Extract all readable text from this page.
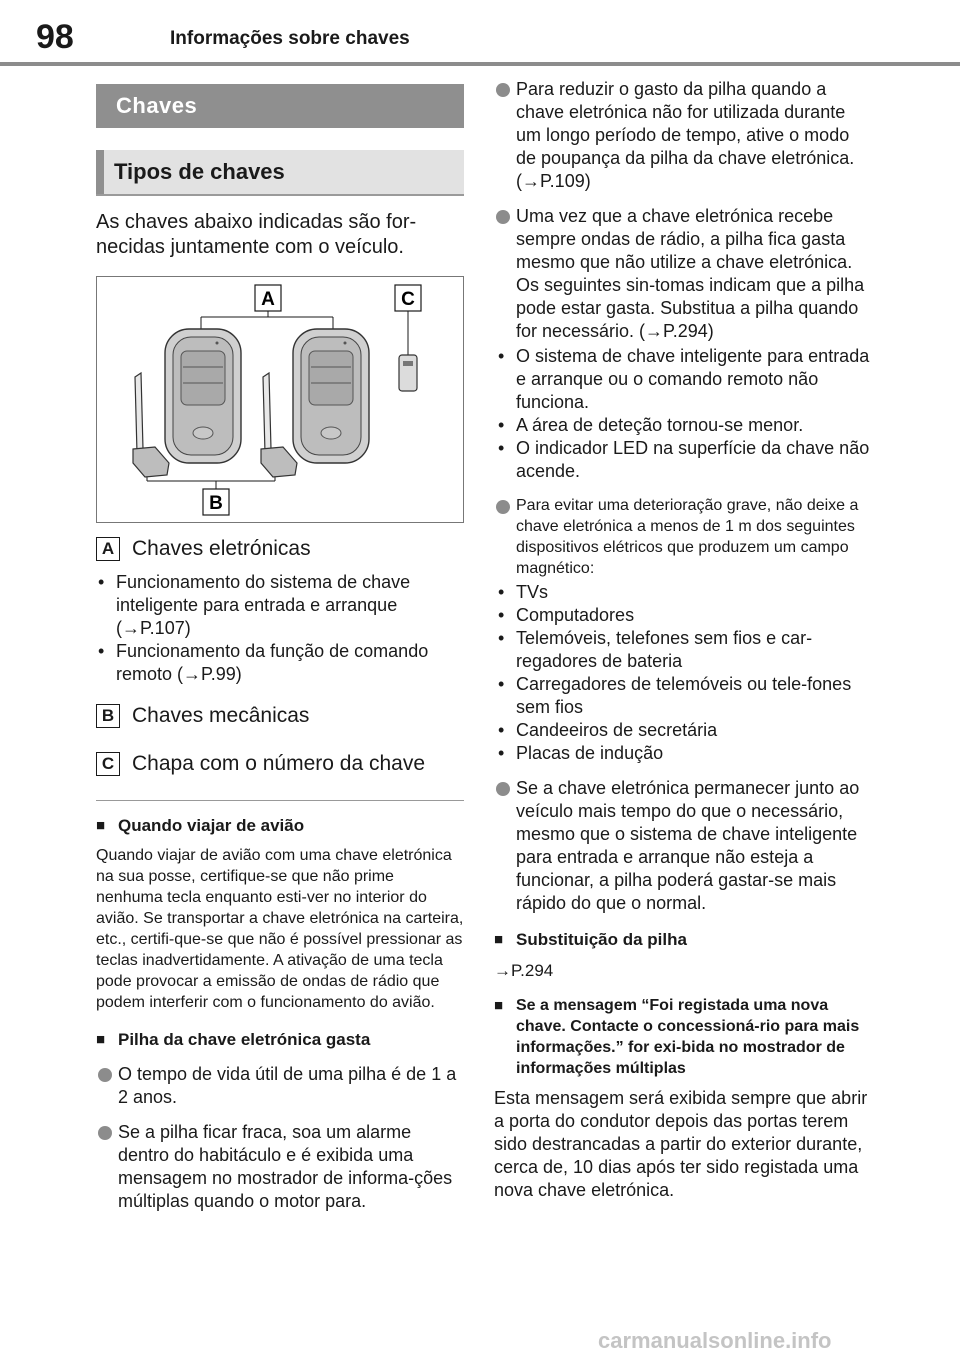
98	Informações sobre chaves
Chaves
Tipos de chaves
As chaves abaixo indicadas são for-necidas juntamente com o veículo.
A	C
B
A Chaves eletrónicas
• Funcionamento do sistema de chave inteligente para entrada e arranque (→P.107)
• Funcionamento da função de comando remoto (→P.99)
B Chaves mecânicas
C Chapa com o número da chave
■ Quando viajar de avião
Quando viajar de avião com uma chave eletrónica na sua posse, certifique-se que não prime nenhuma tecla enquanto esti-ver no interior do avião. Se transportar a chave eletrónica na carteira, etc., certifi-que-se que não é possível pressionar as teclas inadvertidamente. A ativação de uma tecla pode provocar a emissão de ondas de rádio que podem interferir com o funcionamento do avião.
■ Pilha da chave eletrónica gasta
O tempo de vida útil de uma pilha é de 1 a 2 anos.
Se a pilha ficar fraca, soa um alarme dentro do habitáculo e é exibida uma mensagem no mostrador de informa-ções múltiplas quando o motor para.
Para reduzir o gasto da pilha quando a chave eletrónica não for utilizada durante um longo período de tempo, ative o modo de poupança da pilha da chave eletrónica. (→P.109)
Uma vez que a chave eletrónica recebe sempre ondas de rádio, a pilha fica gasta mesmo que não utilize a chave eletrónica. Os seguintes sin-tomas indicam que a pilha pode estar gasta. Substitua a pilha quando for necessário. (→P.294)
• O sistema de chave inteligente para entrada e arranque ou o comando remoto não funciona.
• A área de deteção tornou-se menor.
• O indicador LED na superfície da chave não acende.
Para evitar uma deterioração grave, não deixe a chave eletrónica a menos de 1 m dos seguintes dispositivos elétricos que produzem um campo magnético:
• TVs
• Computadores
• Telemóveis, telefones sem fios e car-regadores de bateria
• Carregadores de telemóveis ou tele-fones sem fios
• Candeeiros de secretária
• Placas de indução
Se a chave eletrónica permanecer junto ao veículo mais tempo do que o necessário, mesmo que o sistema de chave inteligente para entrada e arranque não esteja a funcionar, a pilha poderá gastar-se mais rápido do que o normal.
■ Substituição da pilha
→P.294
■ Se a mensagem “Foi registada uma nova chave. Contacte o concessioná-rio para mais informações.” for exi-bida no mostrador de informações múltiplas
Esta mensagem será exibida sempre que abrir a porta do condutor depois das portas terem sido destrancadas a partir do exterior durante, cerca de, 10 dias após ter sido registada uma nova chave eletrónica.
carmanualsonline.info
